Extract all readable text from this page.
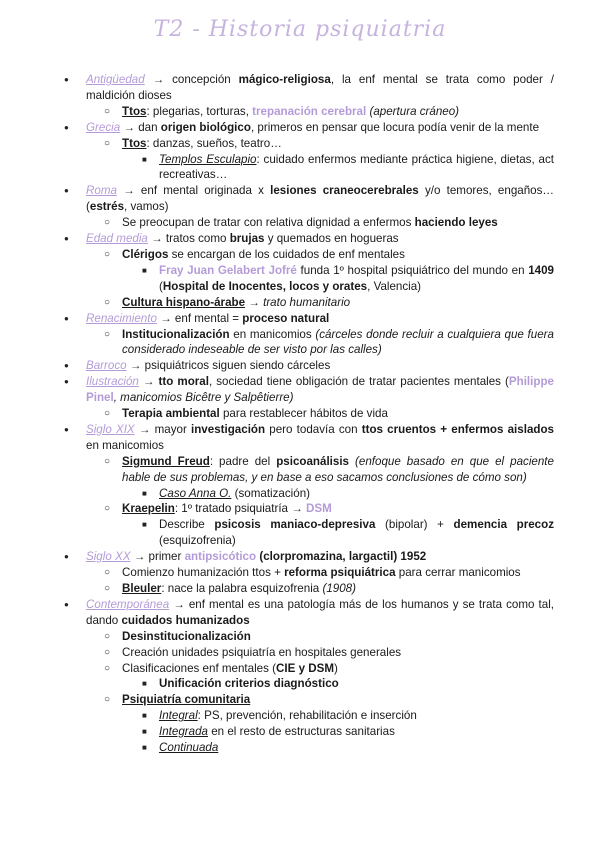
T2 - Historia psiquiatria
● Antigüedad → concepción mágico-religiosa, la enf mental se trata como poder / maldición dioses
○ Ttos: plegarias, torturas, trepanación cerebral (apertura cráneo)
● Grecia → dan origen biológico, primeros en pensar que locura podía venir de la mente
○ Ttos: danzas, sueños, teatro…
■ Templos Esculapio: cuidado enfermos mediante práctica higiene, dietas, act recreativas…
● Roma → enf mental originada x lesiones craneocerebrales y/o temores, engaños… (estrés, vamos)
○ Se preocupan de tratar con relativa dignidad a enfermos haciendo leyes
● Edad media → tratos como brujas y quemados en hogueras
○ Clérigos se encargan de los cuidados de enf mentales
■ Fray Juan Gelabert Jofré funda 1º hospital psiquiátrico del mundo en 1409 (Hospital de Inocentes, locos y orates, Valencia)
○ Cultura hispano-árabe → trato humanitario
● Renacimiento → enf mental = proceso natural
○ Institucionalización en manicomios (cárceles donde recluir a cualquiera que fuera considerado indeseable de ser visto por las calles)
● Barroco → psiquiátricos siguen siendo cárceles
● Ilustración → tto moral, sociedad tiene obligación de tratar pacientes mentales (Philippe Pinel, manicomios Bicêtre y Salpêtierre)
○ Terapia ambiental para restablecer hábitos de vida
● Siglo XIX → mayor investigación pero todavía con ttos cruentos + enfermos aislados en manicomios
○ Sigmund Freud: padre del psicoanálisis (enfoque basado en que el paciente hable de sus problemas, y en base a eso sacamos conclusiones de cómo son)
■ Caso Anna O. (somatización)
○ Kraepelin: 1º tratado psiquiatría → DSM
■ Describe psicosis maniaco-depresiva (bipolar) + demencia precoz (esquizofrenia)
● Siglo XX → primer antipsicótico (clorpromazina, largactil) 1952
○ Comienzo humanización ttos + reforma psiquiátrica para cerrar manicomios
○ Bleuler: nace la palabra esquizofrenia (1908)
● Contemporánea → enf mental es una patología más de los humanos y se trata como tal, dando cuidados humanizados
○ Desinstitucionalización
○ Creación unidades psiquiatría en hospitales generales
○ Clasificaciones enf mentales (CIE y DSM)
■ Unificación criterios diagnóstico
○ Psiquiatría comunitaria
■ Integral: PS, prevención, rehabilitación e inserción
■ Integrada en el resto de estructuras sanitarias
■ Continuada
